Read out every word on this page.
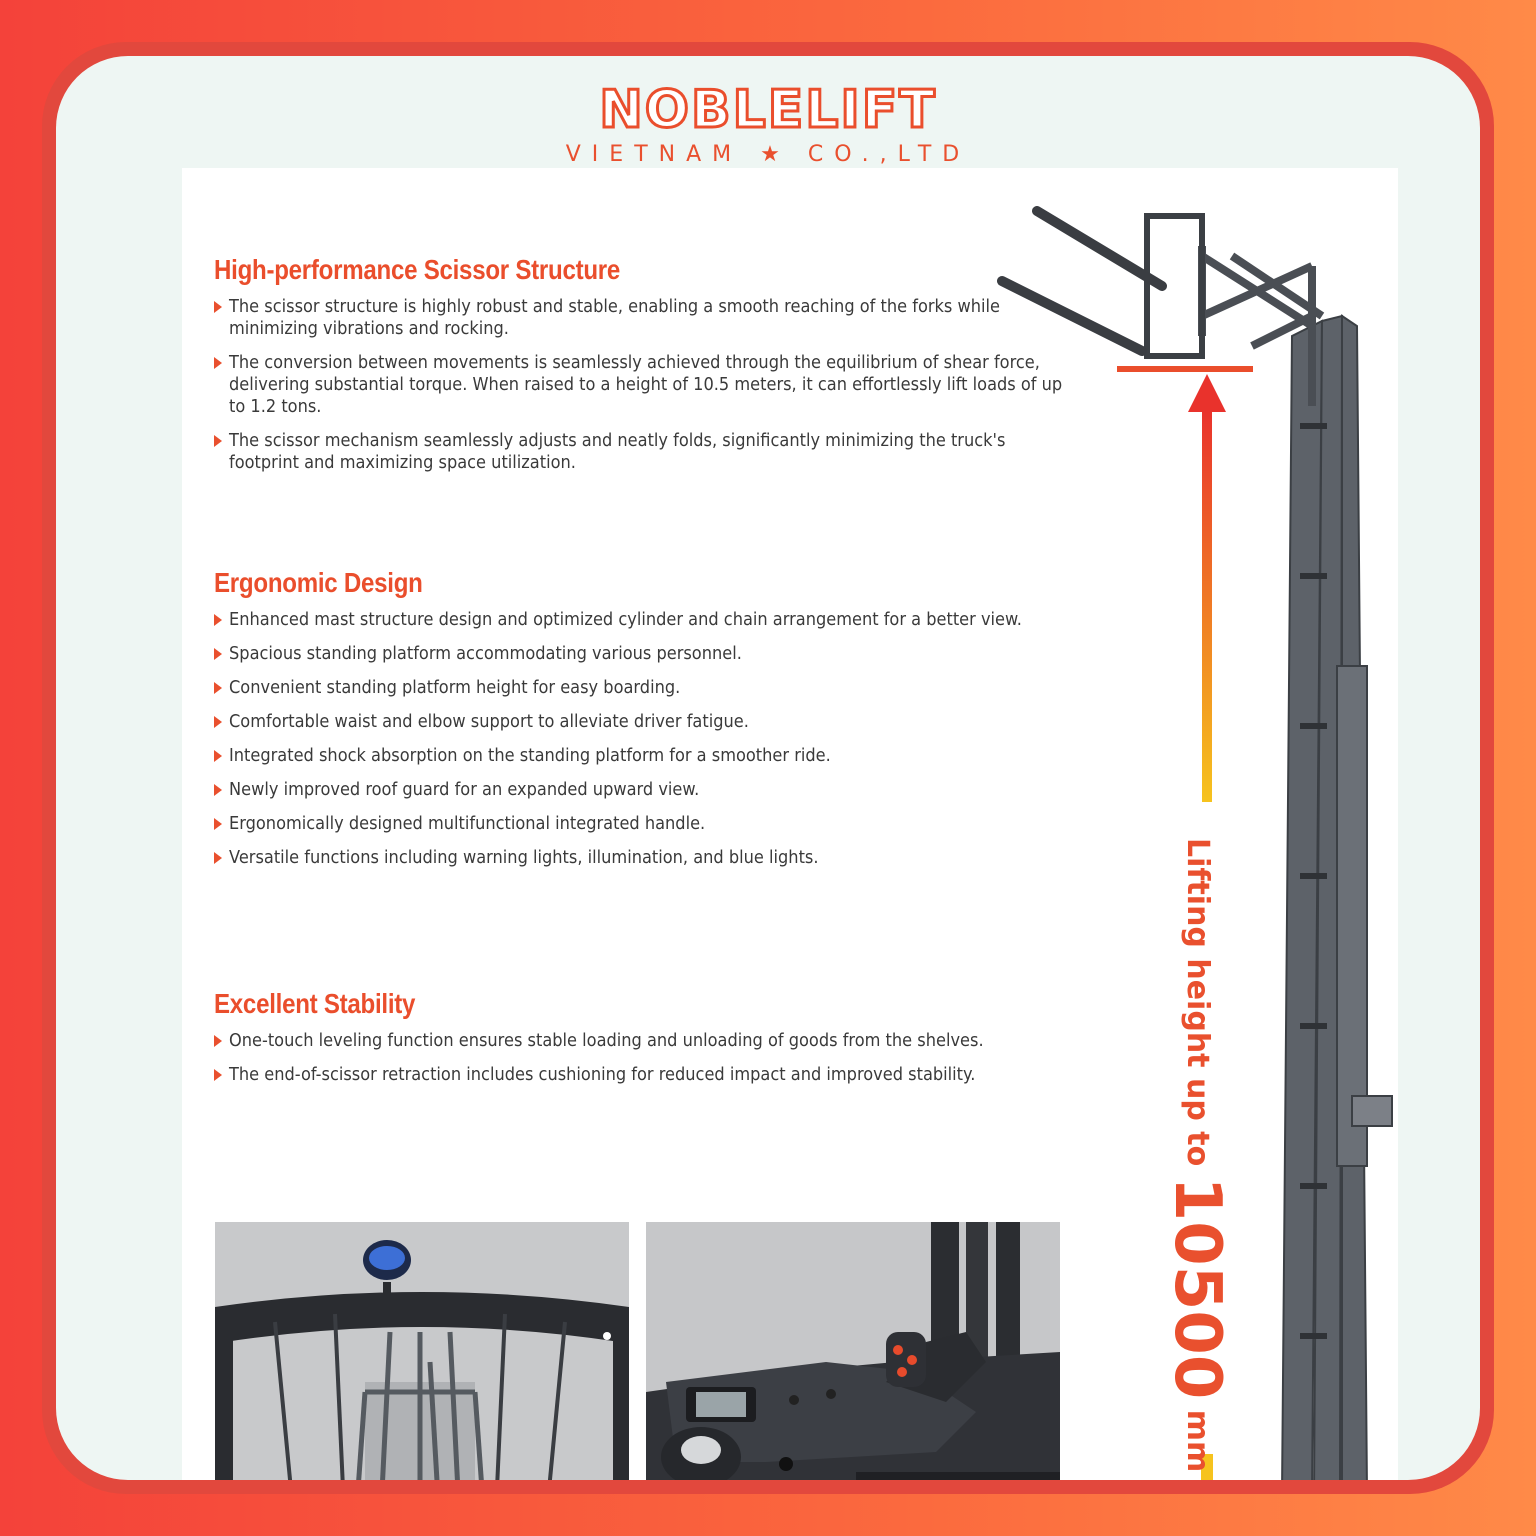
NOBLELIFT
VIETNAM ★ CO.,LTD
High-performance Scissor Structure
The scissor structure is highly robust and stable, enabling a smooth reaching of the forks while minimizing vibrations and rocking.
The conversion between movements is seamlessly achieved through the equilibrium of shear force, delivering substantial torque. When raised to a height of 10.5 meters, it can effortlessly lift loads of up to 1.2 tons.
The scissor mechanism seamlessly adjusts and neatly folds, significantly minimizing the truck's footprint and maximizing space utilization.
Ergonomic Design
Enhanced mast structure design and optimized cylinder and chain arrangement for a better view.
Spacious standing platform accommodating various personnel.
Convenient standing platform height for easy boarding.
Comfortable waist and elbow support to alleviate driver fatigue.
Integrated shock absorption on the standing platform for a smoother ride.
Newly improved roof guard for an expanded upward view.
Ergonomically designed multifunctional integrated handle.
Versatile functions including warning lights, illumination, and blue lights.
Excellent Stability
One-touch leveling function ensures stable loading and unloading of goods from the shelves.
The end-of-scissor retraction includes cushioning for reduced impact and improved stability.	Lifting height up to 10500 mm
